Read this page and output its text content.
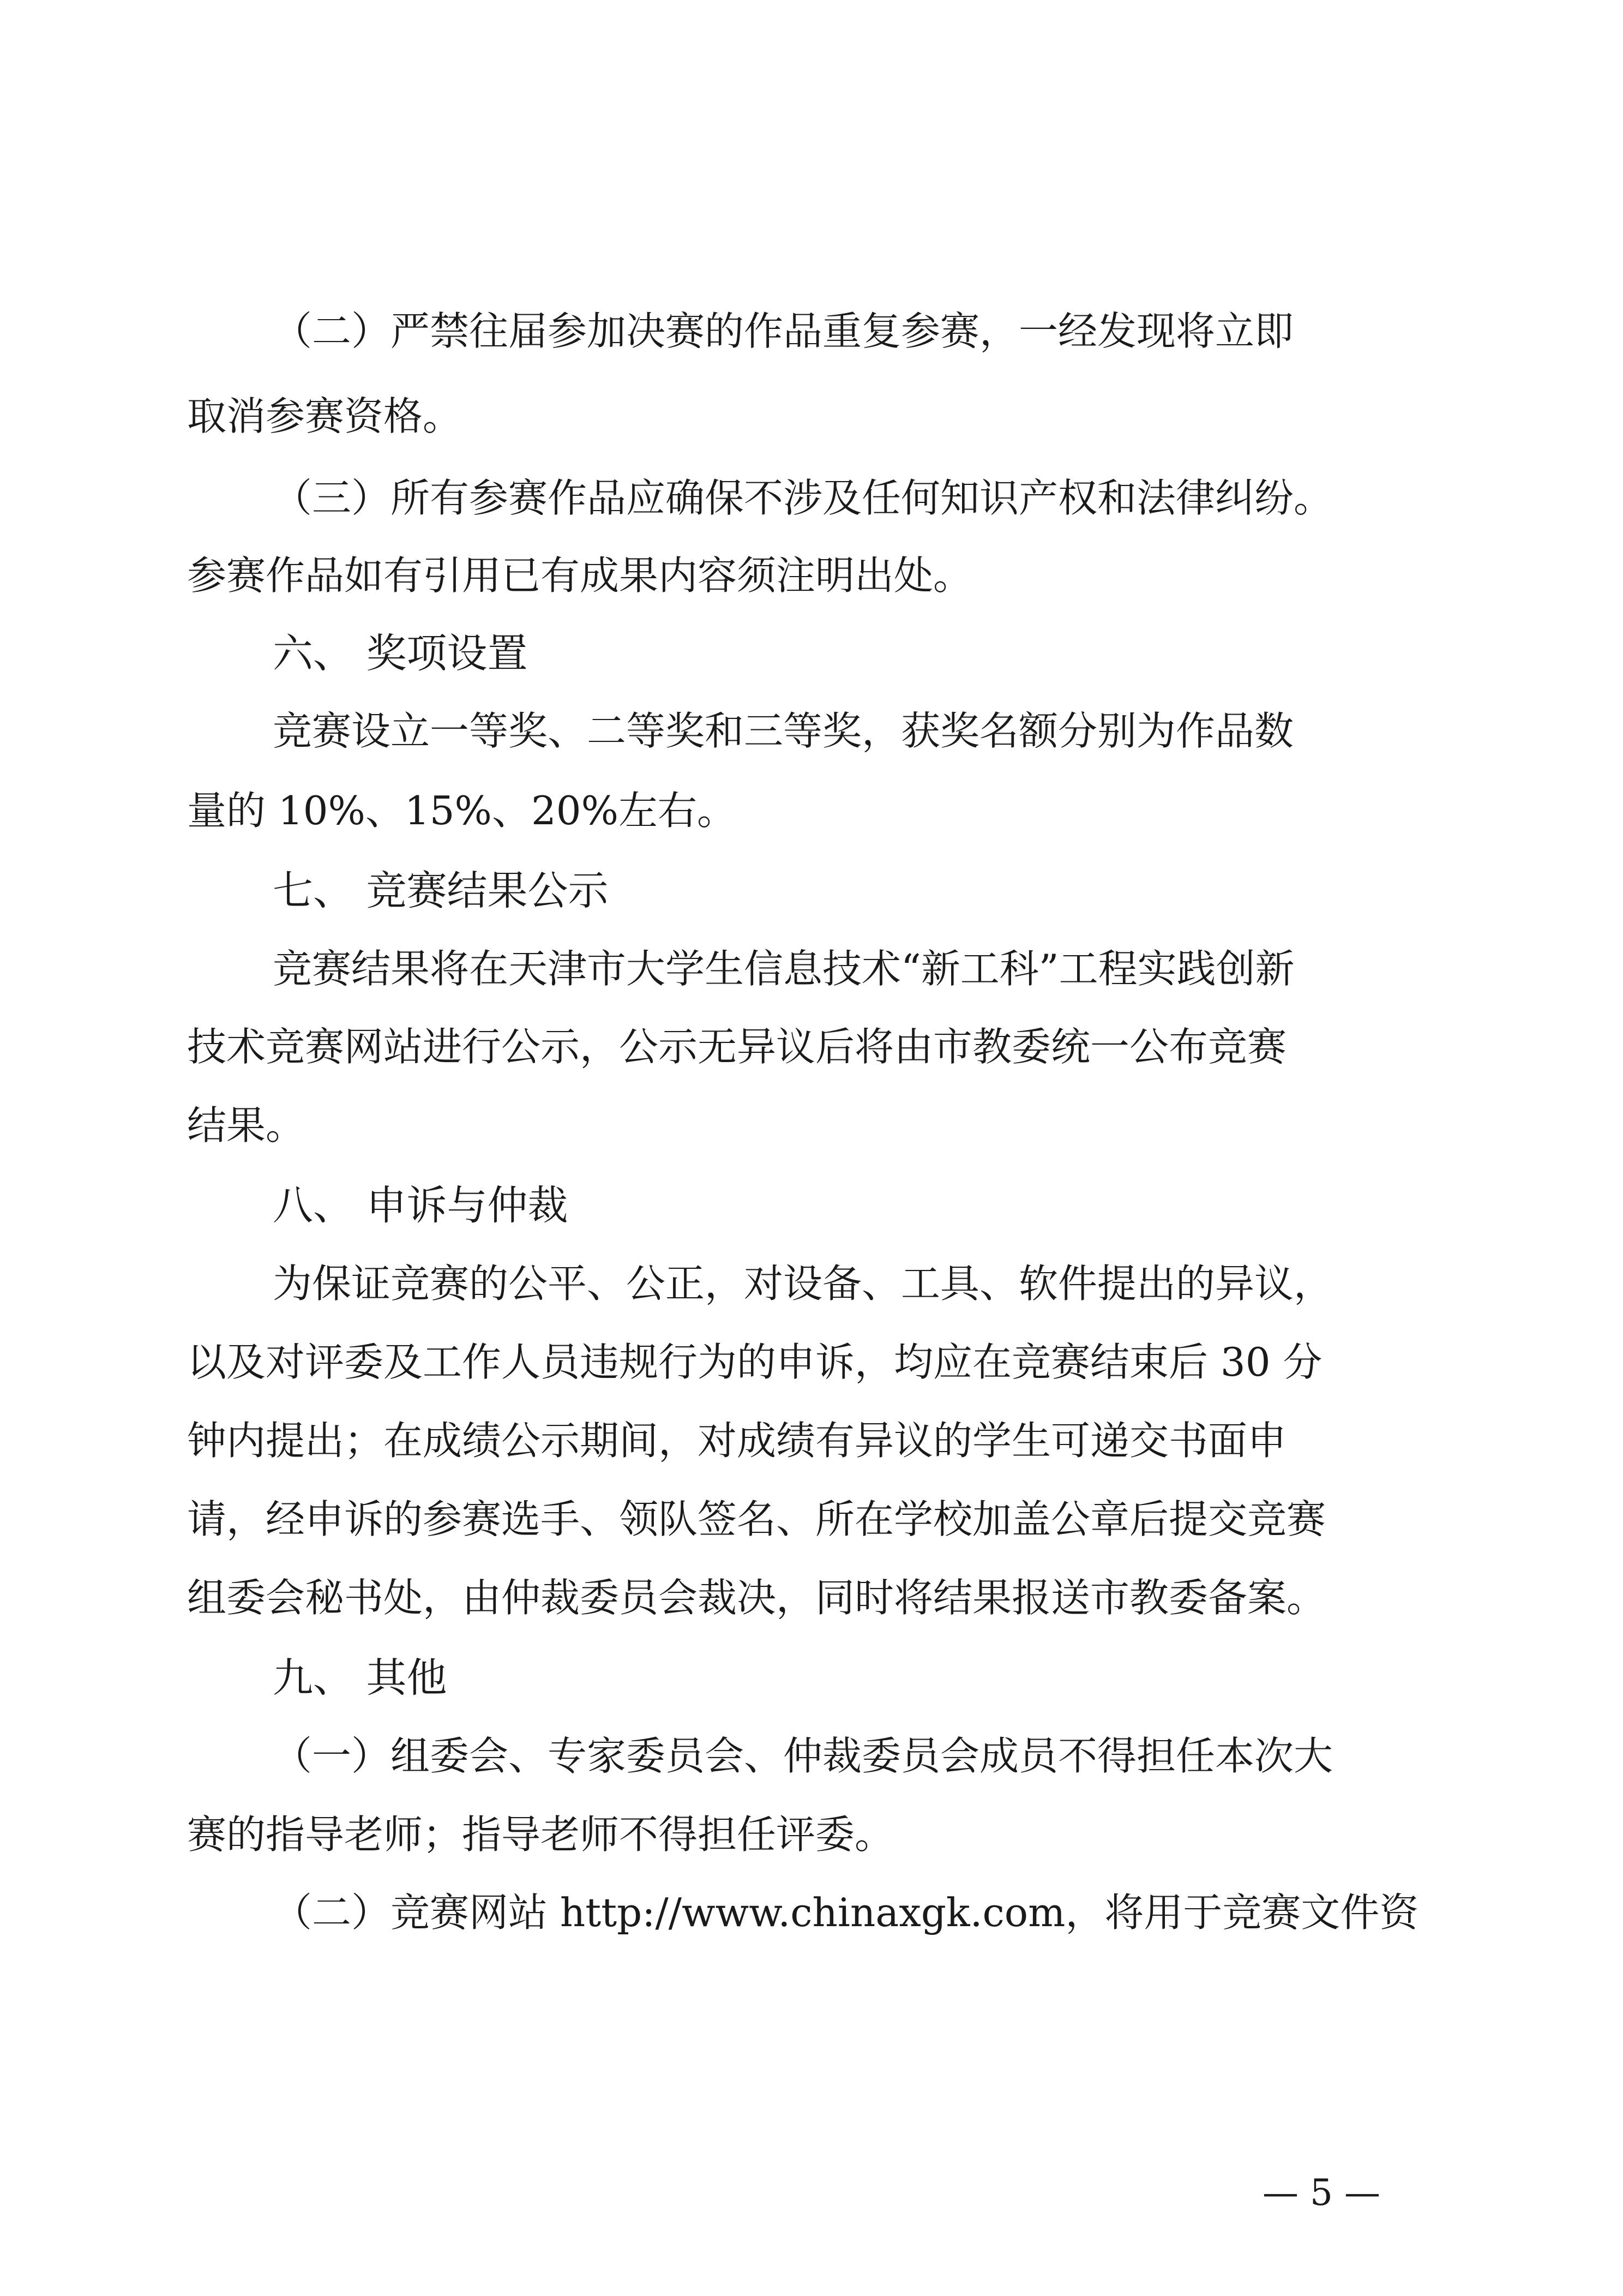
（二）严禁往届参加决赛的作品重复参赛，一经发现将立即
取消参赛资格。
（三）所有参赛作品应确保不涉及任何知识产权和法律纠纷。
参赛作品如有引用已有成果内容须注明出处。
六、 奖项设置
竞赛设立一等奖、二等奖和三等奖，获奖名额分别为作品数
量的 10%、15%、20%左右。
七、 竞赛结果公示
竞赛结果将在天津市大学生信息技术“新工科”工程实践创新
技术竞赛网站进行公示，公示无异议后将由市教委统一公布竞赛
结果。
八、 申诉与仲裁
为保证竞赛的公平、公正，对设备、工具、软件提出的异议，
以及对评委及工作人员违规行为的申诉，均应在竞赛结束后 30 分
钟内提出；在成绩公示期间，对成绩有异议的学生可递交书面申
请，经申诉的参赛选手、领队签名、所在学校加盖公章后提交竞赛
组委会秘书处，由仲裁委员会裁决，同时将结果报送市教委备案。
九、 其他
（一）组委会、专家委员会、仲裁委员会成员不得担任本次大
赛的指导老师；指导老师不得担任评委。
（二）竞赛网站 http://www.chinaxgk.com，将用于竞赛文件资
— 5 —
